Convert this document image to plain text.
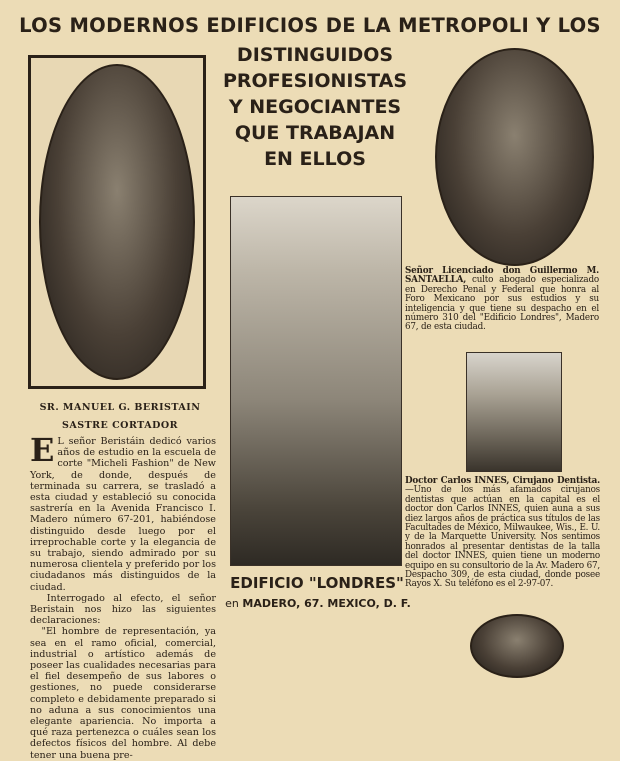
LOS MODERNOS EDIFICIOS DE LA METROPOLI Y LOS
DISTINGUIDOS
PROFESIONISTAS
Y NEGOCIANTES
QUE TRABAJAN
EN ELLOS
SR. MANUEL G. BERISTAIN
SASTRE CORTADOR
E L señor Beristáin dedicó varios años de estudio en la escuela de corte "Micheli Fashion" de New York, de donde, después de terminada su carrera, se trasladó a esta ciudad y estableció su conocida sastrería en la Avenida Francisco I. Madero número 67-201, habiéndose distinguido desde luego por el irreprochable corte y la elegancia de su trabajo, siendo admirado por su numerosa clientela y preferido por los ciudadanos más distinguidos de la ciudad.
Interrogado al efecto, el señor Beristain nos hizo las siguientes declaraciones:
"El hombre de representación, ya sea en el ramo oficial, comercial, industrial o artístico además de poseer las cualidades necesarias para el fiel desempeño de sus labores o gestiones, no puede considerarse completo e debidamente preparado si no aduna a sus conocimientos una elegante apariencia. No importa a qué raza pertenezca o cuáles sean los defectos físicos del hombre. Al debe tener una buena pre-
EDIFICIO "LONDRES"
en MADERO, 67. MEXICO, D. F.
Señor Licenciado don Guillermo M. SANTAELLA, culto abogado especializado en Derecho Penal y Federal que honra al Foro Mexicano por sus estudios y su inteligencia y que tiene su despacho en el número 310 del "Edificio Londres", Madero 67, de esta ciudad.
Doctor Carlos INNES, Cirujano Dentista.—Uno de los más afamados cirujanos dentistas que actúan en la capital es el doctor don Carlos INNES, quien auna a sus diez largos años de práctica sus títulos de las Facultades de México, Milwaukee, Wis., E. U. y de la Marquette University. Nos sentimos honrados al presentar dentistas de la talla del doctor INNES, quien tiene un moderno equipo en su consultorio de la Av. Madero 67, Despacho 309, de esta ciudad, donde posee Rayos X. Su teléfono es el 2-97-07.
